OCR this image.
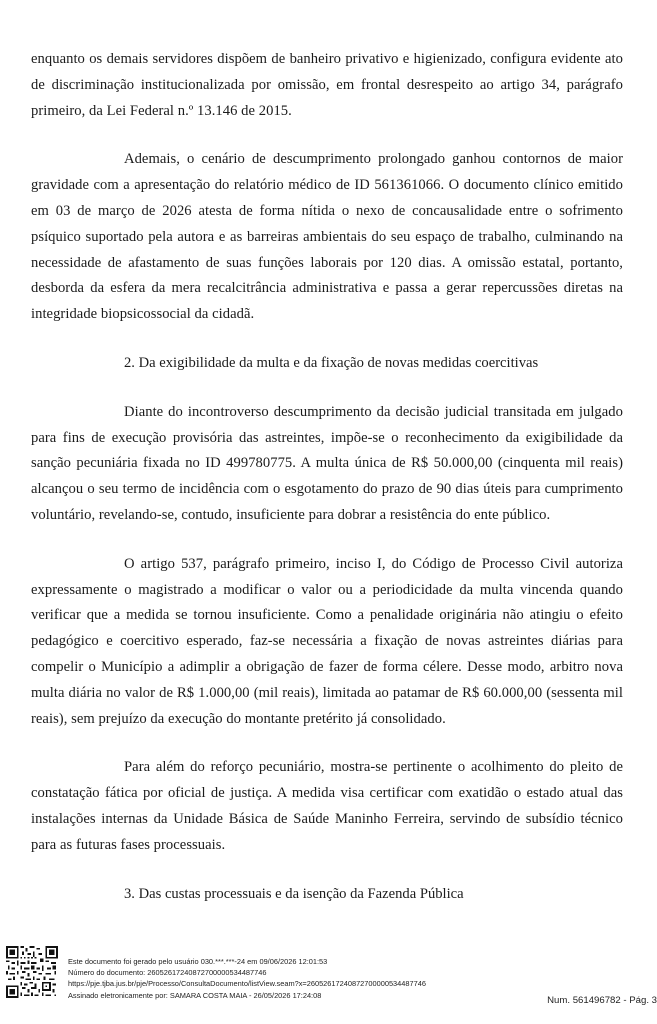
enquanto os demais servidores dispõem de banheiro privativo e higienizado, configura evidente ato de discriminação institucionalizada por omissão, em frontal desrespeito ao artigo 34, parágrafo primeiro, da Lei Federal n.º 13.146 de 2015.

Ademais, o cenário de descumprimento prolongado ganhou contornos de maior gravidade com a apresentação do relatório médico de ID 561361066. O documento clínico emitido em 03 de março de 2026 atesta de forma nítida o nexo de concausalidade entre o sofrimento psíquico suportado pela autora e as barreiras ambientais do seu espaço de trabalho, culminando na necessidade de afastamento de suas funções laborais por 120 dias. A omissão estatal, portanto, desborda da esfera da mera recalcitrância administrativa e passa a gerar repercussões diretas na integridade biopsicossocial da cidadã.

2. Da exigibilidade da multa e da fixação de novas medidas coercitivas

Diante do incontroverso descumprimento da decisão judicial transitada em julgado para fins de execução provisória das astreintes, impõe-se o reconhecimento da exigibilidade da sanção pecuniária fixada no ID 499780775. A multa única de R$ 50.000,00 (cinquenta mil reais) alcançou o seu termo de incidência com o esgotamento do prazo de 90 dias úteis para cumprimento voluntário, revelando-se, contudo, insuficiente para dobrar a resistência do ente público.

O artigo 537, parágrafo primeiro, inciso I, do Código de Processo Civil autoriza expressamente o magistrado a modificar o valor ou a periodicidade da multa vincenda quando verificar que a medida se tornou insuficiente. Como a penalidade originária não atingiu o efeito pedagógico e coercitivo esperado, faz-se necessária a fixação de novas astreintes diárias para compelir o Município a adimplir a obrigação de fazer de forma célere. Desse modo, arbitro nova multa diária no valor de R$ 1.000,00 (mil reais), limitada ao patamar de R$ 60.000,00 (sessenta mil reais), sem prejuízo da execução do montante pretérito já consolidado.

Para além do reforço pecuniário, mostra-se pertinente o acolhimento do pleito de constatação fática por oficial de justiça. A medida visa certificar com exatidão o estado atual das instalações internas da Unidade Básica de Saúde Maninho Ferreira, servindo de subsídio técnico para as futuras fases processuais.

3. Das custas processuais e da isenção da Fazenda Pública

Este documento foi gerado pelo usuário 030.***.***-24 em 09/06/2026 12:01:53
Número do documento: 26052617240872700000534487746
https://pje.tjba.jus.br/pje/Processo/ConsultaDocumento/listView.seam?x=26052617240872700000534487746
Assinado eletronicamente por: SAMARA COSTA MAIA - 26/05/2026 17:24:08	Num. 561496782 - Pág. 3
